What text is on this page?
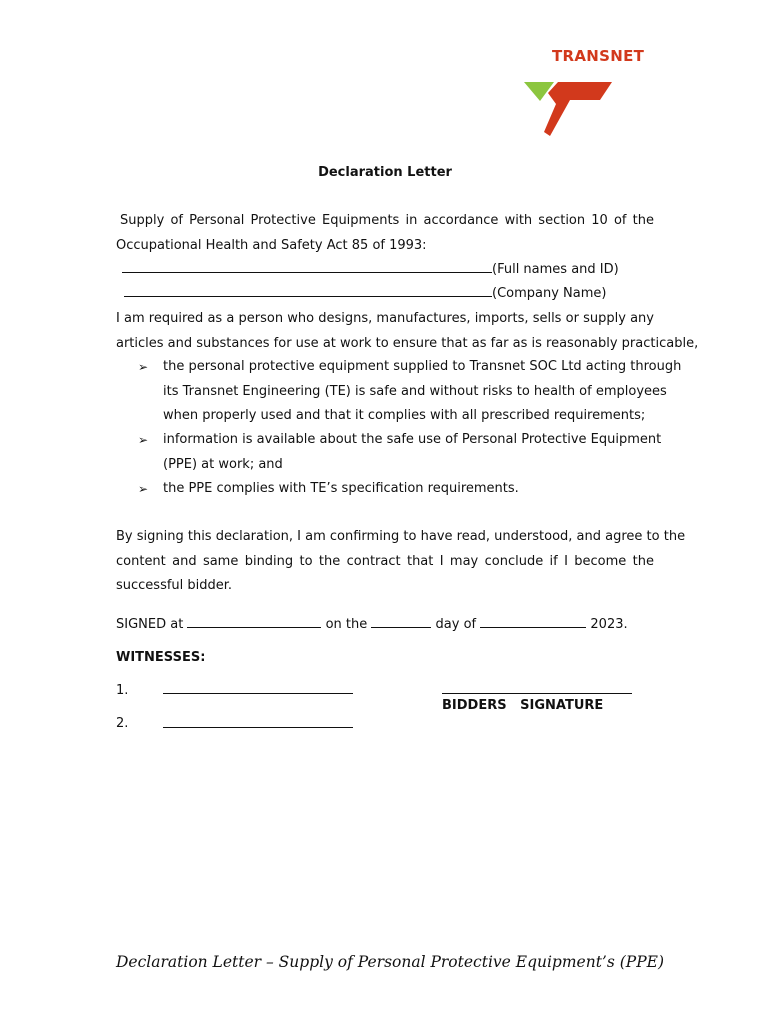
TRANSNET

Declaration Letter

Supply of Personal Protective Equipments in accordance with section 10 of the
Occupational Health and Safety Act 85 of 1993:
(Full names and ID)
(Company Name)
I am required as a person who designs, manufactures, imports, sells or supply any
articles and substances for use at work to ensure that as far as is reasonably practicable,
➢ the personal protective equipment supplied to Transnet SOC Ltd acting through
its Transnet Engineering (TE) is safe and without risks to health of employees
when properly used and that it complies with all prescribed requirements;
➢ information is available about the safe use of Personal Protective Equipment
(PPE) at work; and
➢ the PPE complies with TE’s specification requirements.
By signing this declaration, I am confirming to have read, understood, and agree to the
content and same binding to the contract that I may conclude if I become the
successful bidder.
SIGNED at	on the	day of	2023.
WITNESSES:
1.
2.
BIDDERS   SIGNATURE
Declaration Letter – Supply of Personal Protective Equipment’s (PPE)
